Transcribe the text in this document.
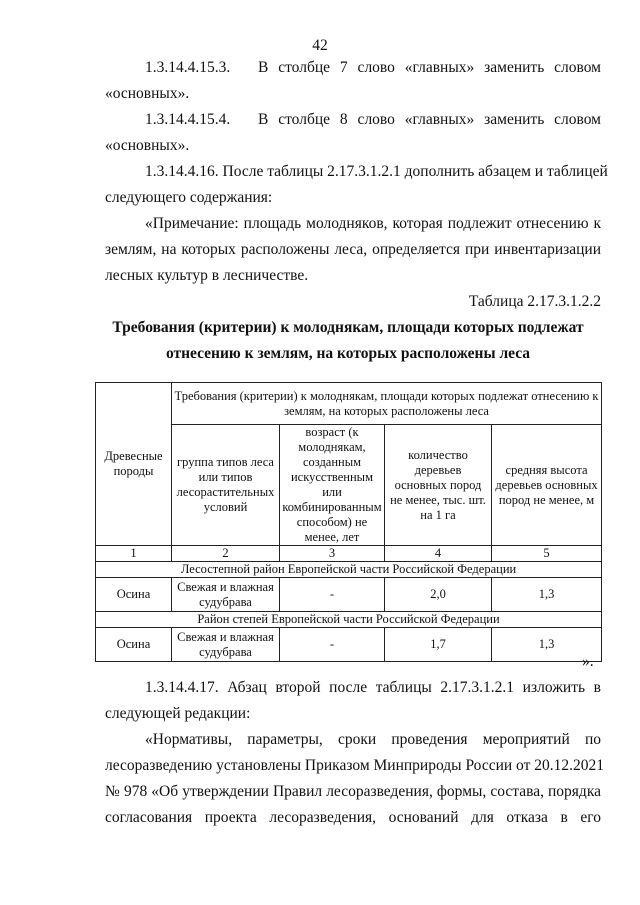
42
1.3.14.4.15.3. В столбце 7 слово «главных» заменить словом
«основных».
1.3.14.4.15.4. В столбце 8 слово «главных» заменить словом
«основных».
1.3.14.4.16. После таблицы 2.17.3.1.2.1 дополнить абзацем и таблицей
следующего содержания:
«Примечание: площадь молодняков, которая подлежит отнесению к
землям, на которых расположены леса, определяется при инвентаризации
лесных культур в лесничестве.
Таблица 2.17.3.1.2.2
Требования (критерии) к молоднякам, площади которых подлежат
отнесению к землям, на которых расположены леса
Древесные породы	Требования (критерии) к молоднякам, площади которых подлежат отнесению к землям, на которых расположены леса			
	группа типов леса или типов лесорастительных условий	возраст (к молоднякам, созданным искусственным или комбинированным способом) не менее, лет	количество деревьев основных пород не менее, тыс. шт. на 1 га	средняя высота деревьев основных пород не менее, м
1	2	3	4	5
Лесостепной район Европейской части Российской Федерации				
Осина	Свежая и влажная судубрава	-	2,0	1,3
Район степей Европейской части Российской Федерации				
Осина	Свежая и влажная судубрава	-	1,7	1,3
».
1.3.14.4.17. Абзац второй после таблицы 2.17.3.1.2.1 изложить в
следующей редакции:
«Нормативы, параметры, сроки проведения мероприятий по
лесоразведению установлены Приказом Минприроды России от 20.12.2021
№ 978 «Об утверждении Правил лесоразведения, формы, состава, порядка
согласования проекта лесоразведения, оснований для отказа в его
